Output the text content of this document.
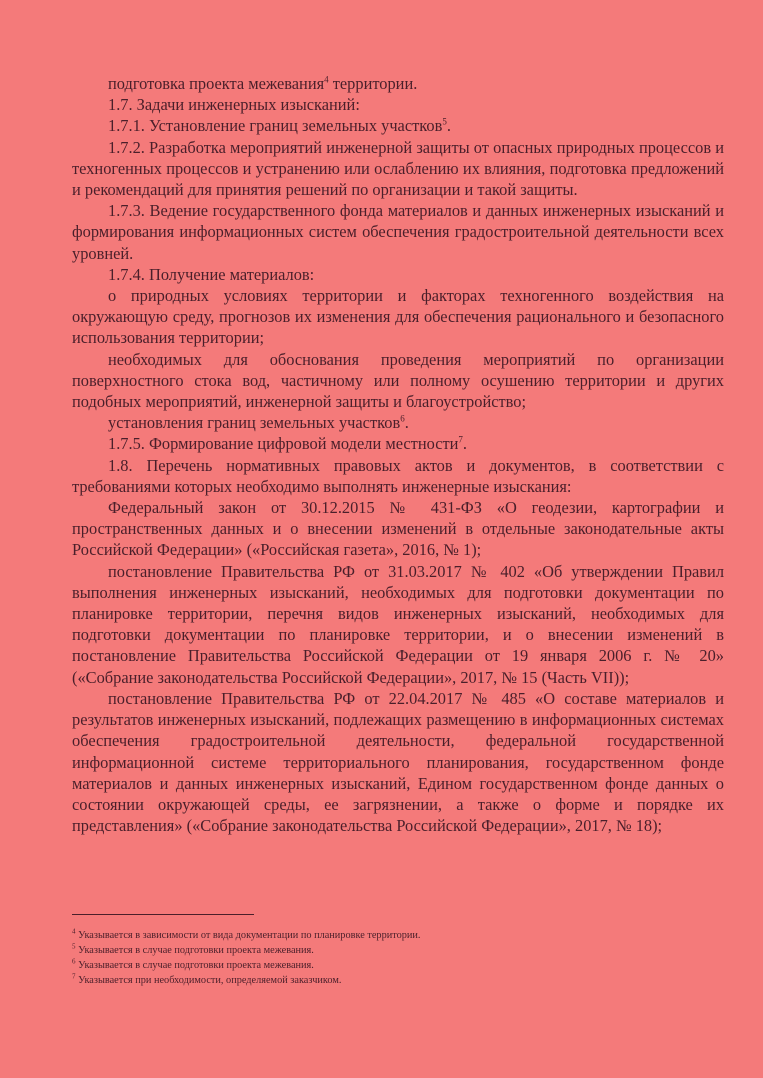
подготовка проекта межевания$^4$ территории.

1.7. Задачи инженерных изысканий:

1.7.1. Установление границ земельных участков$^5$.

1.7.2. Разработка мероприятий инженерной защиты от опасных природных процессов и техногенных процессов и устранению или ослаблению их влияния, подготовка предложений и рекомендаций для принятия решений по организации и такой защиты.

1.7.3. Ведение государственного фонда материалов и данных инженерных изысканий и формирования информационных систем обеспечения градостроительной деятельности всех уровней.

1.7.4. Получение материалов:

о природных условиях территории и факторах техногенного воздействия на окружающую среду, прогнозов их изменения для обеспечения рационального и безопасного использования территории;

необходимых для обоснования проведения мероприятий по организации поверхностного стока вод, частичному или полному осушению территории и других подобных мероприятий, инженерной защиты и благоустройство;

установления границ земельных участков$^6$.

1.7.5. Формирование цифровой модели местности$^7$.

1.8. Перечень нормативных правовых актов и документов, в соответствии с требованиями которых необходимо выполнять инженерные изыскания:

Федеральный закон от 30.12.2015 № 431-ФЗ «О геодезии, картографии и пространственных данных и о внесении изменений в отдельные законодательные акты Российской Федерации» («Российская газета», 2016, № 1);

постановление Правительства РФ от 31.03.2017 № 402 «Об утверждении Правил выполнения инженерных изысканий, необходимых для подготовки документации по планировке территории, перечня видов инженерных изысканий, необходимых для подготовки документации по планировке территории, и о внесении изменений в постановление Правительства Российской Федерации от 19 января 2006 г. № 20» («Собрание законодательства Российской Федерации», 2017, № 15 (Часть VII));

постановление Правительства РФ от 22.04.2017 № 485 «О составе материалов и результатов инженерных изысканий, подлежащих размещению в информационных системах обеспечения градостроительной деятельности, федеральной государственной информационной системе территориального планирования, государственном фонде материалов и данных инженерных изысканий, Едином государственном фонде данных о состоянии окружающей среды, ее загрязнении, а также о форме и порядке их представления» («Собрание законодательства Российской Федерации», 2017, № 18);

$^4$ Указывается в зависимости от вида документации по планировке территории.

$^5$ Указывается в случае подготовки проекта межевания.

$^6$ Указывается в случае подготовки проекта межевания.

$^7$ Указывается при необходимости, определяемой заказчиком.
